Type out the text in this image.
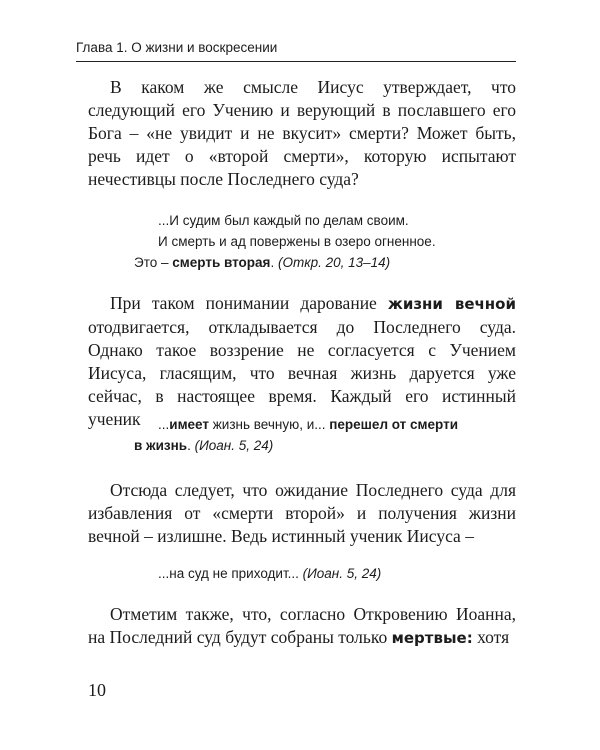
Глава 1. О жизни и воскресении

В каком же смысле Иисус утверждает, что следующий его Учению и верующий в пославшего его Бога – «не увидит и не вкусит» смерти? Может быть, речь идет о «второй смерти», которую испытают нечестивцы после Последнего суда?

...И судим был каждый по делам своим.
И смерть и ад повержены в озеро огненное.
Это – смерть вторая. (Откр. 20, 13–14)

При таком понимании дарование жизни вечной отодвигается, откладывается до Последнего суда. Однако такое воззрение не согласуется с Учением Иисуса, гласящим, что вечная жизнь даруется уже сейчас, в настоящее время. Каждый его истинный ученик	...имеет жизнь вечную, и... перешел от смерти
в жизнь. (Иоан. 5, 24)

Отсюда следует, что ожидание Последнего суда для избавления от «смерти второй» и получения жизни вечной – излишне. Ведь истинный ученик Иисуса –

...на суд не приходит... (Иоан. 5, 24)

Отметим также, что, согласно Откровению Иоанна, на Последний суд будут собраны только мертвые: хотя

10
